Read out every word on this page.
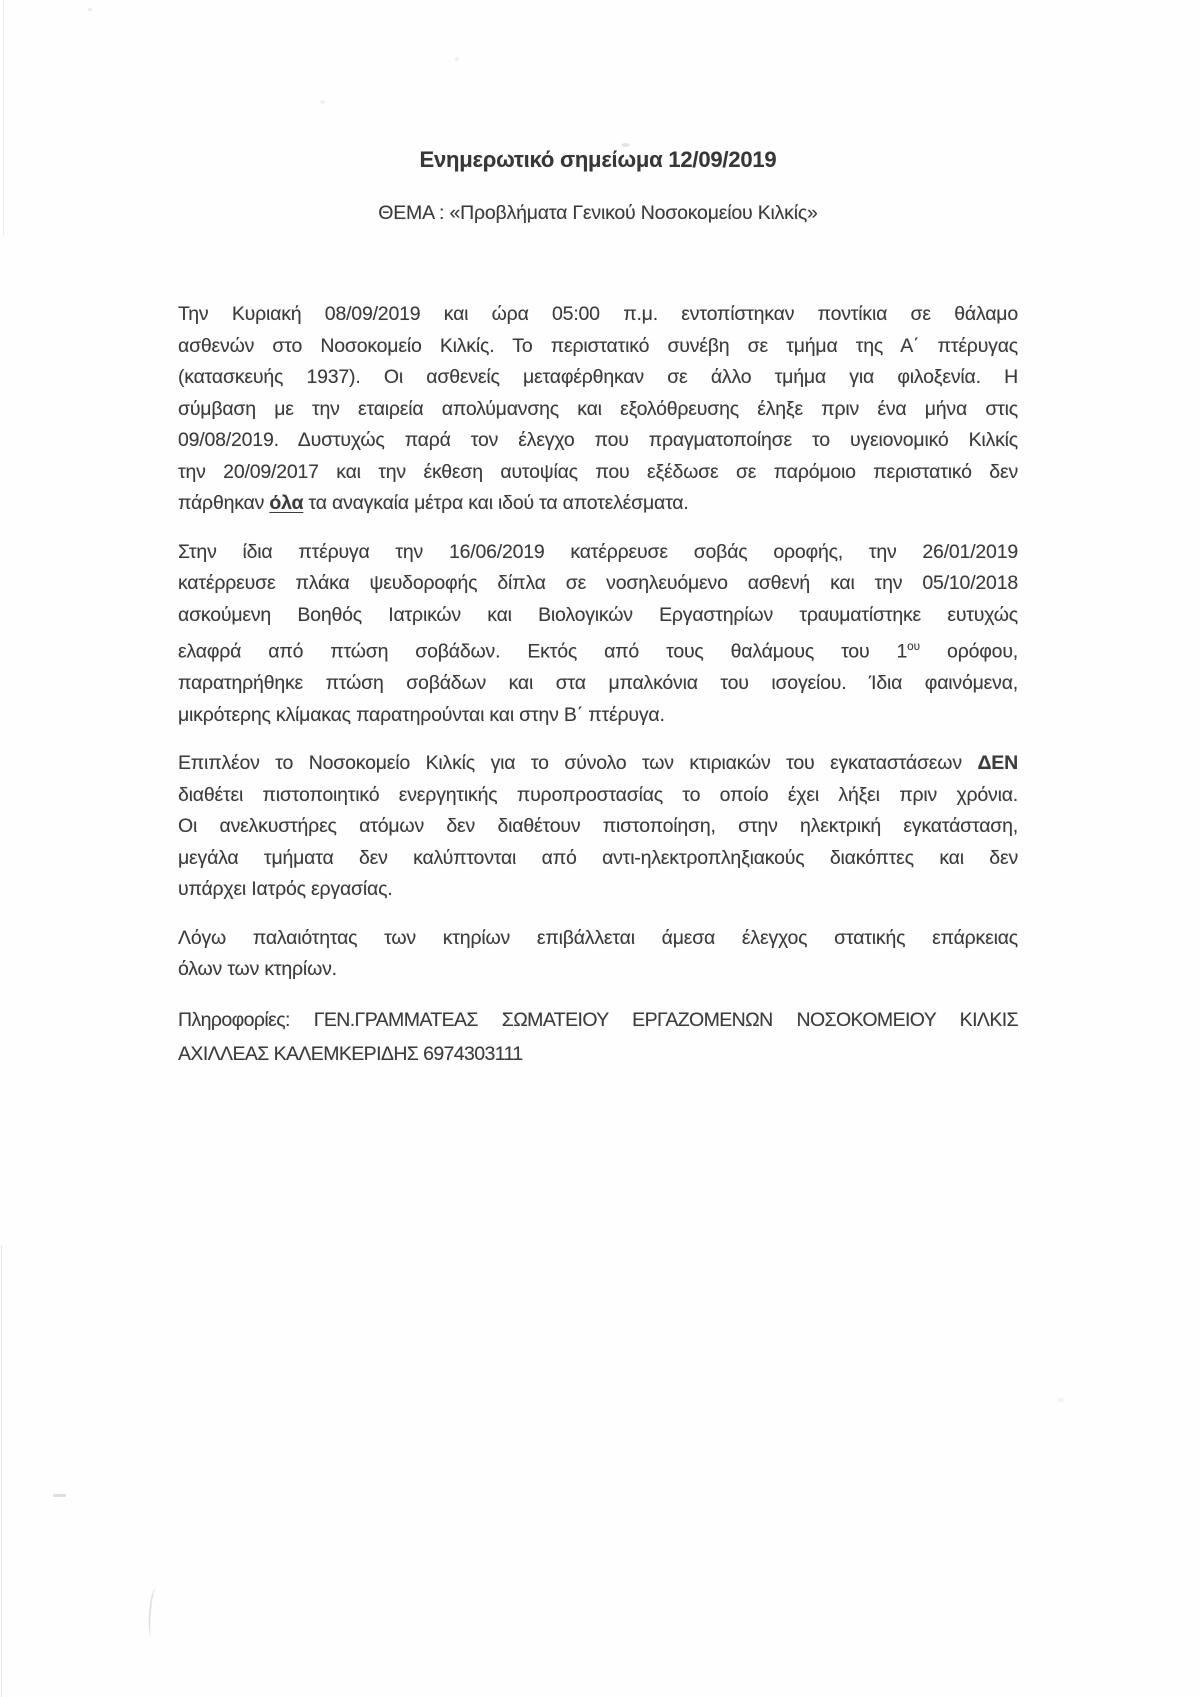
Ενημερωτικό σημείωμα 12/09/2019
ΘΕΜΑ : «Προβλήματα Γενικού Νοσοκομείου Κιλκίς»
Την Κυριακή 08/09/2019 και ώρα 05:00 π.μ. εντοπίστηκαν ποντίκια σε θάλαμο
ασθενών στο Νοσοκομείο Κιλκίς. Το περιστατικό συνέβη σε τμήμα της Α΄ πτέρυγας
(κατασκευής 1937). Οι ασθενείς μεταφέρθηκαν σε άλλο τμήμα για φιλοξενία. Η
σύμβαση με την εταιρεία απολύμανσης και εξολόθρευσης έληξε πριν ένα μήνα στις
09/08/2019. Δυστυχώς παρά τον έλεγχο που πραγματοποίησε το υγειονομικό Κιλκίς
την 20/09/2017 και την έκθεση αυτοψίας που εξέδωσε σε παρόμοιο περιστατικό δεν
πάρθηκαν όλα τα αναγκαία μέτρα και ιδού τα αποτελέσματα.
Στην ίδια πτέρυγα την 16/06/2019 κατέρρευσε σοβάς οροφής, την 26/01/2019
κατέρρευσε πλάκα ψευδοροφής δίπλα σε νοσηλευόμενο ασθενή και την 05/10/2018
ασκούμενη Βοηθός Ιατρικών και Βιολογικών Εργαστηρίων τραυματίστηκε ευτυχώς
ελαφρά από πτώση σοβάδων. Εκτός από τους θαλάμους του $1^{o\upsilon}$ ορόφου,
παρατηρήθηκε πτώση σοβάδων και στα μπαλκόνια του ισογείου. Ίδια φαινόμενα,
μικρότερης κλίμακας παρατηρούνται και στην Β΄ πτέρυγα.
Επιπλέον το Νοσοκομείο Κιλκίς για το σύνολο των κτιριακών του εγκαταστάσεων ΔΕΝ
διαθέτει πιστοποιητικό ενεργητικής πυροπροστασίας το οποίο έχει λήξει πριν χρόνια.
Οι ανελκυστήρες ατόμων δεν διαθέτουν πιστοποίηση, στην ηλεκτρική εγκατάσταση,
μεγάλα τμήματα δεν καλύπτονται από αντι-ηλεκτροπληξιακούς διακόπτες και δεν
υπάρχει Ιατρός εργασίας.
Λόγω παλαιότητας των κτηρίων επιβάλλεται άμεσα έλεγχος στατικής επάρκειας
όλων των κτηρίων.
Πληροφορίες: ΓΕΝ.ΓΡΑΜΜΑΤΕΑΣ ΣΩΜΑΤΕΙΟΥ ΕΡΓΑΖΟΜΕΝΩΝ ΝΟΣΟΚΟΜΕΙΟΥ ΚΙΛΚΙΣ
ΑΧΙΛΛΕΑΣ ΚΑΛΕΜΚΕΡΙΔΗΣ 6974303111
